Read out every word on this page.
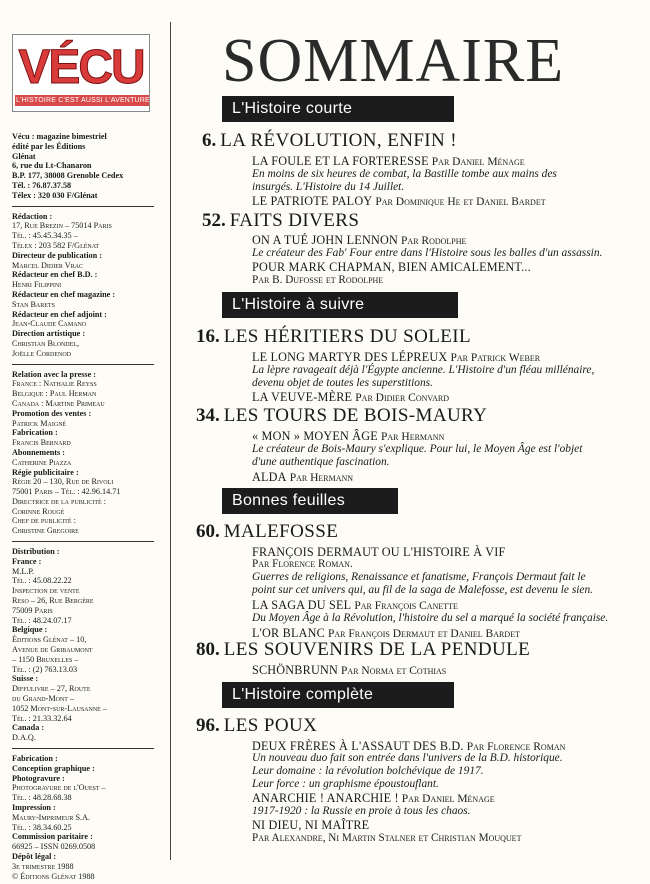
VÉCU
L'HISTOIRE C'EST AUSSI L'AVENTURE
Vécu : magazine bimestriel
édité par les Éditions
Glénat
6, rue du Lt-Chanaron
B.P. 177, 38008 Grenoble Cedex
Tél. : 76.87.37.58
Télex : 320 030 F/Glénat
Rédaction :
17, Rue Brezin – 75014 Paris
Tél. : 45.45.34.35 –
Télex : 203 582 F/Glénat
Directeur de publication :
Marcel Didier Vrac
Rédacteur en chef B.D. :
Henri Filippini
Rédacteur en chef magazine :
Stan Barets
Rédacteur en chef adjoint :
Jean-Claude Camano
Direction artistique :
Christian Blondel,
Joëlle Cordenod
Relation avec la presse :
France : Nathalie Reyss
Belgique : Paul Herman
Canada : Martine Primeau
Promotion des ventes :
Patrick Maigné
Fabrication :
Francis Bernard
Abonnements :
Catherine Piazza
Régie publicitaire :
Régie 20 – 130, Rue de Rivoli
75001 Paris – Tél. : 42.96.14.71
Directrice de la publicité :
Corinne Rougé
Chef de publicité :
Christine Gregoire
Distribution :
France :
M.L.P.
Tél. : 45.08.22.22
Inspection de vente
Reso – 26, Rue Bergère
75009 Paris
Tél. : 48.24.07.17
Belgique :
Éditions Glénat – 10,
Avenue de Gribaumont
– 1150 Bruxelles –
Tél. : (2) 763.13.03
Suisse :
Diffulivre – 27, Route
du Grand-Mont –
1052 Mont-sur-Lausanne –
Tél. : 21.33.32.64
Canada :
D.A.Q.
Fabrication :
Conception graphique :
Photogravure :
Photogravure de l'Ouest –
Tél. : 48.28.68.38
Impression :
Maury-Imprimeur S.A.
Tél. : 38.34.60.25
Commission paritaire :
66925 – ISSN 0269.0508
Dépôt légal :
3e trimestre 1988
© Éditions Glénat 1988
SOMMAIRE
L'Histoire courte
6. LA RÉVOLUTION, ENFIN !
LA FOULE ET LA FORTERESSE Par Daniel Ménage
En moins de six heures de combat, la Bastille tombe aux mains des
insurgés. L'Histoire du 14 Juillet.
LE PATRIOTE PALOY Par Dominique He et Daniel Bardet
52. FAITS DIVERS
ON A TUÉ JOHN LENNON Par Rodolphe
Le créateur des Fab' Four entre dans l'Histoire sous les balles d'un assassin.
POUR MARK CHAPMAN, BIEN AMICALEMENT...
Par B. Dufosse et Rodolphe
L'Histoire à suivre
16. LES HÉRITIERS DU SOLEIL
LE LONG MARTYR DES LÉPREUX Par Patrick Weber
La lèpre ravageait déjà l'Égypte ancienne. L'Histoire d'un fléau millénaire,
devenu objet de toutes les superstitions.
LA VEUVE-MÈRE Par Didier Convard
34. LES TOURS DE BOIS-MAURY
« MON » MOYEN ÂGE Par Hermann
Le créateur de Bois-Maury s'explique. Pour lui, le Moyen Âge est l'objet
d'une authentique fascination.
ALDA Par Hermann
Bonnes feuilles
60. MALEFOSSE
FRANÇOIS DERMAUT OU L'HISTOIRE À VIF
Par Florence Roman.
Guerres de religions, Renaissance et fanatisme, François Dermaut fait le
point sur cet univers qui, au fil de la saga de Malefosse, est devenu le sien.
LA SAGA DU SEL Par François Canette
Du Moyen Âge à la Révolution, l'histoire du sel a marqué la société française.
L'OR BLANC Par François Dermaut et Daniel Bardet
80. LES SOUVENIRS DE LA PENDULE
SCHÖNBRUNN Par Norma et Cothias
L'Histoire complète
96. LES POUX
DEUX FRÈRES À L'ASSAUT DES B.D. Par Florence Roman
Un nouveau duo fait son entrée dans l'univers de la B.D. historique.
Leur domaine : la révolution bolchévique de 1917.
Leur force : un graphisme époustouflant.
ANARCHIE ! ANARCHIE ! Par Daniel Ménage
1917-1920 : la Russie en proie à tous les chaos.
NI DIEU, NI MAÎTRE
Par Alexandre, Ni Martin Stalner et Christian Mouquet
